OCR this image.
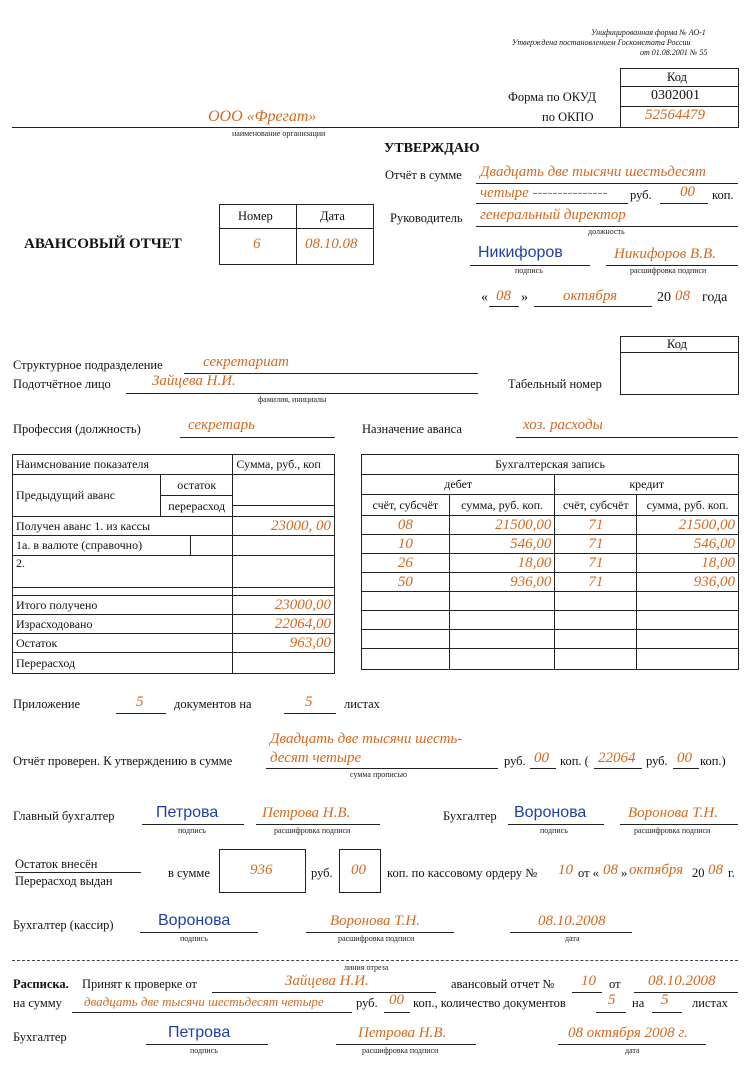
Унифицированная форма № АО-1
Утверждена постановлением Госкомстата России
от 01.08.2001 № 55
Код
Форма по ОКУД	0302001
по ОКПО	52564479
ООО «Фрегат»
наименование организации
УТВЕРЖДАЮ
Отчёт в сумме Двадцать две тысячи шестьдесят
четыре --------------- руб. 00 коп.
Руководитель генеральный директор
должность
Никифоров
подпись
Никифоров В.В.
расшифровка подписи
« 08 » октября	20 08 года
АВАНСОВЫЙ ОТЧЕТ
Номер	Дата
6	08.10.08
Код
Структурное подразделение	секретариат
Подотчётное лицо	Зайцева Н.И.
фамилия, инициалы
Табельный номер
Профессия (должность)	секретарь	Назначение аванса	хоз. расходы
Наимснование показателя	Сумма, руб., коп

Предыдущий аванс
остаток
перерасход	

Получен аванс 1. из кассы	23000, 00

1а. в валюте (справочно)	

2.	

Итого получено	23000,00
Израсходовано	22064,00
Остаток	963,00
Перерасход	
Бухгалтерская запись			
дебет		кредит	
счёт, субсчёт	сумма, руб. коп.	счёт, субсчёт	сумма, руб. коп.
08	21500,00	71	21500,00
10	546,00	71	546,00
26	18,00	71	18,00
50	936,00	71	936,00

Приложение	5 документов на	5	листах
Отчёт проверен. К утверждению в сумме
Двадцать две тысячи шесть-
десят четыре
сумма прописью
руб. 00 коп. ( 22064 руб. 00 коп.)
Главный бухгалтер	Петрова
подпись
Петрова Н.В.
расшифровка подписи
Бухгалтер Воронова
подпись
Воронова Т.Н.
расшифровка подписи
Остаток внесён
Перерасход выдан
в сумме	936	руб. 00 коп. по кассовому ордеру № 10 от « 08 » октября 20 08 г.
Бухгалтер (кассир)	Воронова
подпись
Воронова Т.Н.
расшифровка подписи
08.10.2008
дата
линия отреза
Расписка. Принят к проверке от	Зайцева Н.И.	авансовый отчет № 10 от 08.10.2008
на сумму двадцать две тысячи шестьдесят четыре	руб. 00 коп., количество документов	5 на 5 листах
Бухгалтер	Петрова
подпись
Петрова Н.В.
расшифровка подписи
08 октября 2008 г.
дата
